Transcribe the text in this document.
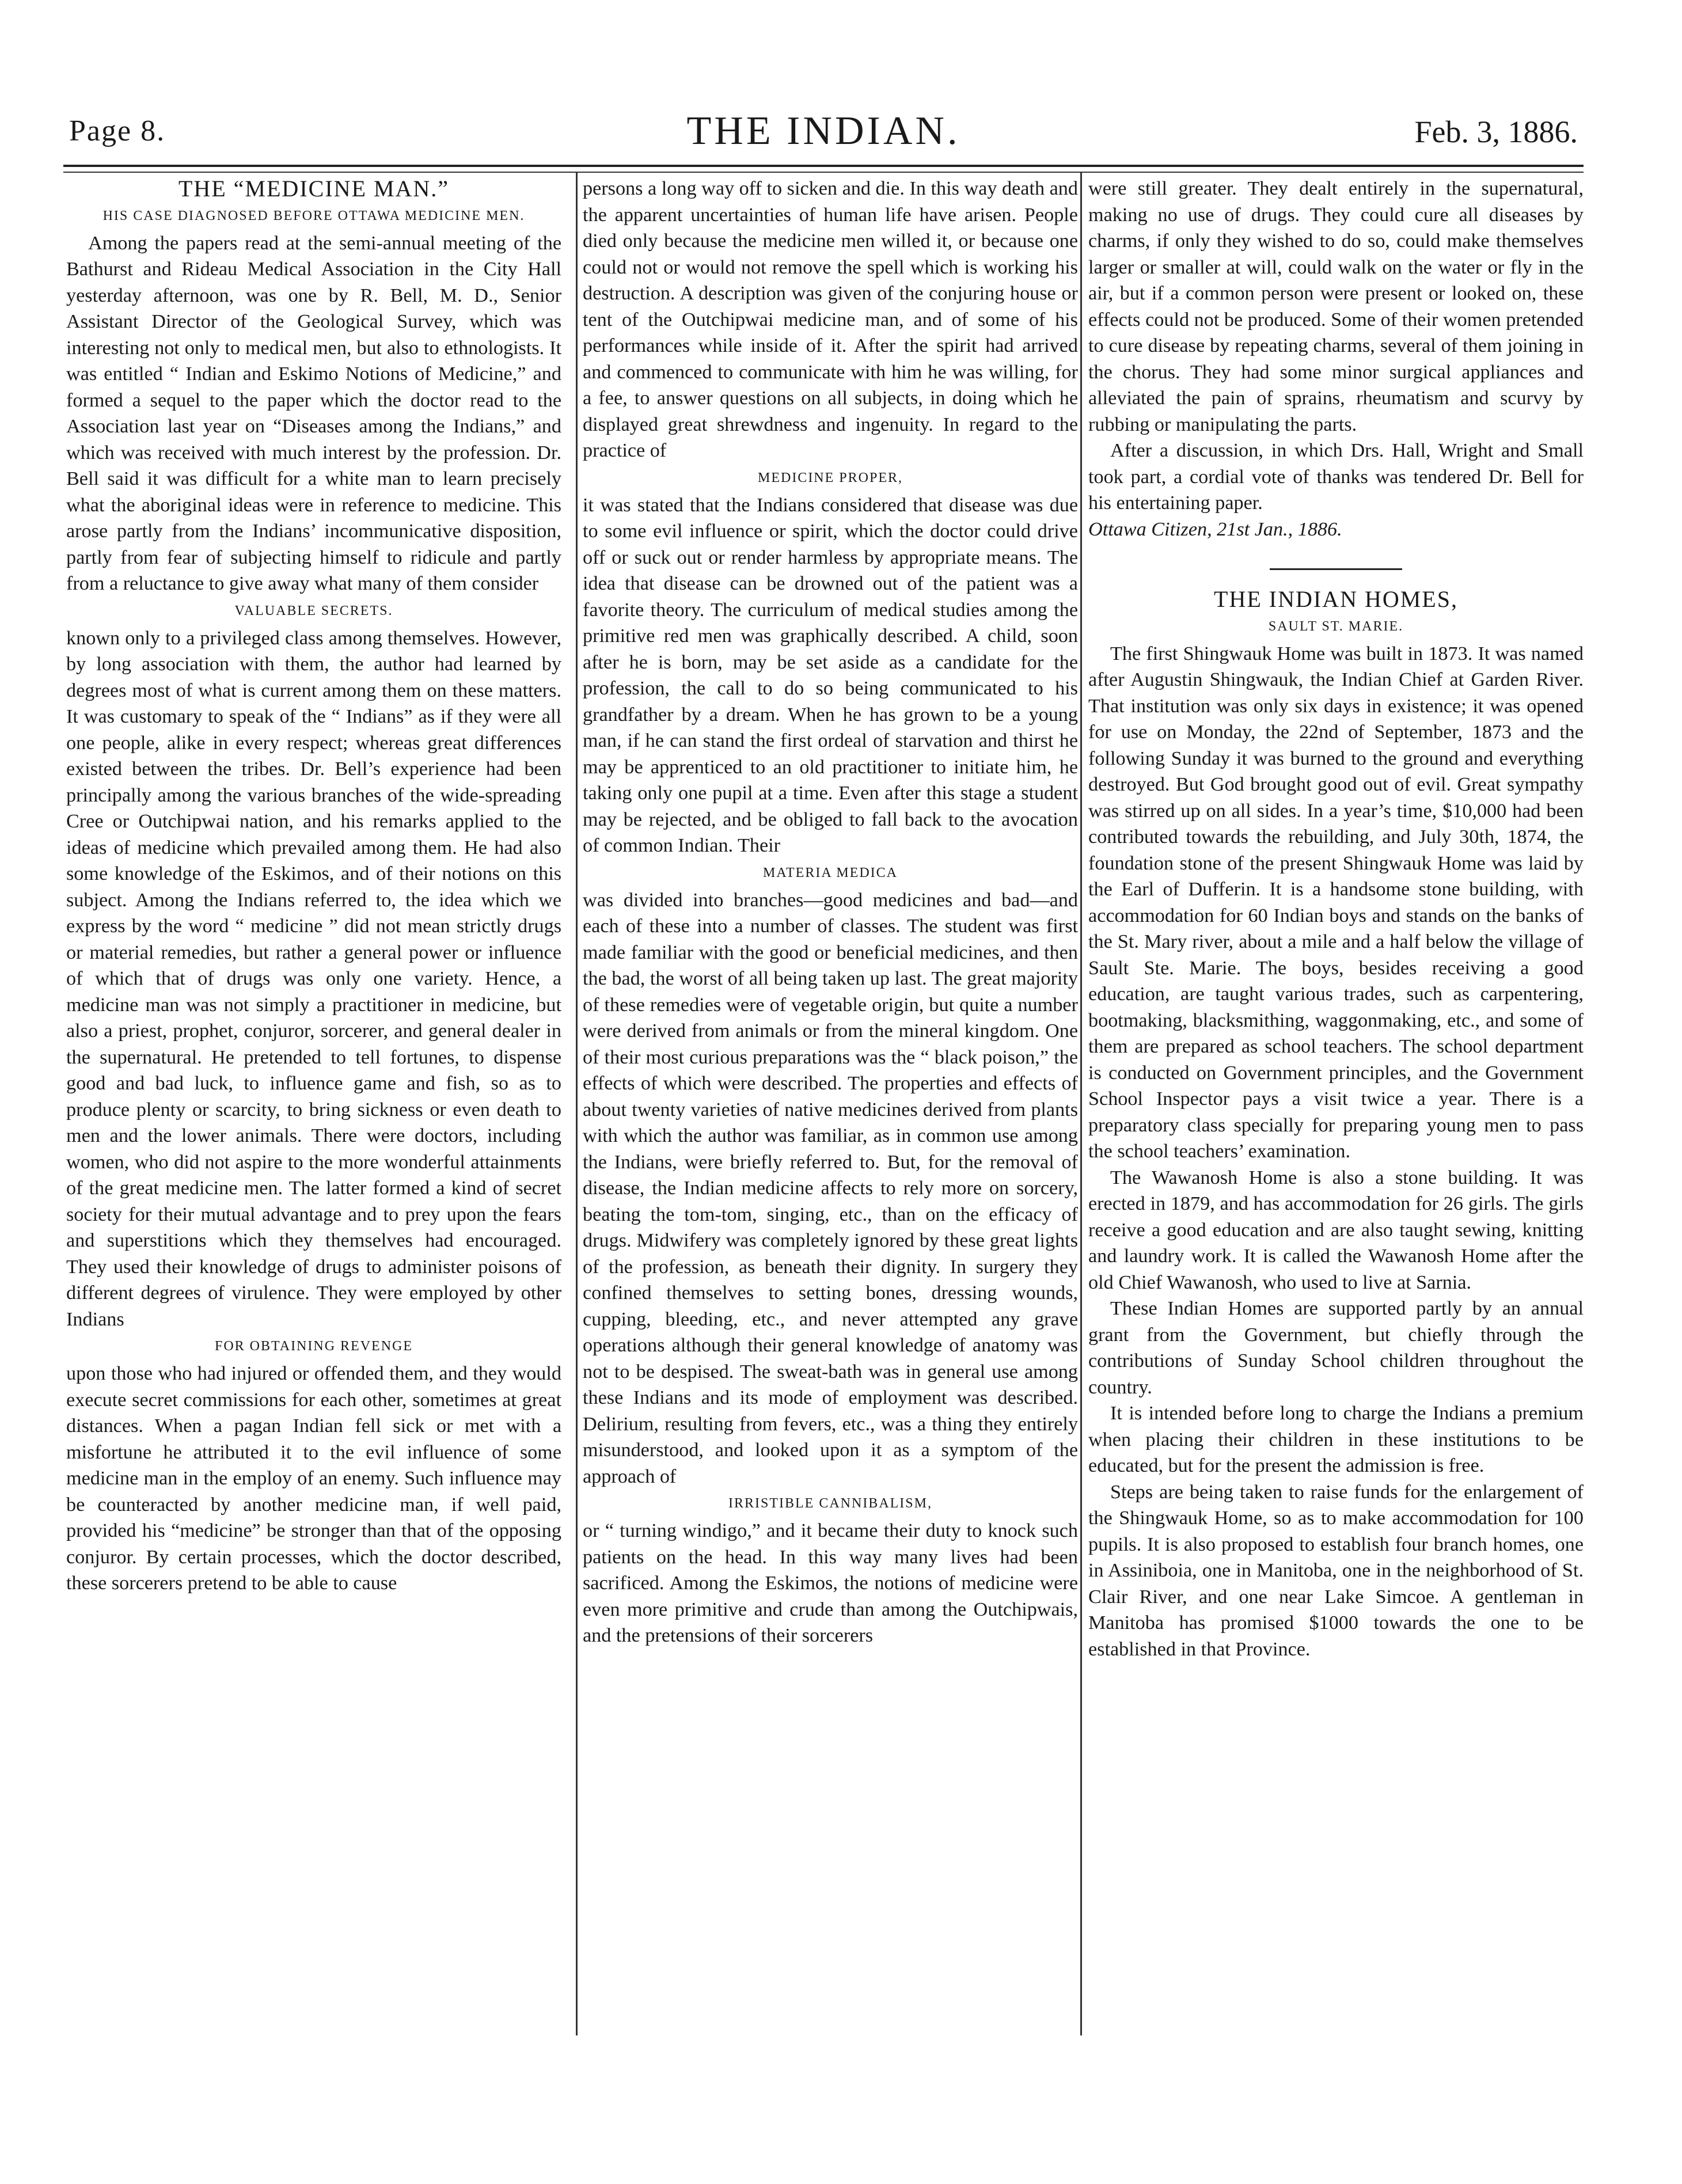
Page 8.	THE INDIAN.	Feb. 3, 1886.
THE “MEDICINE MAN.”
HIS CASE DIAGNOSED BEFORE OTTAWA MEDICINE MEN.

Among the papers read at the semi-annual meeting of the Bathurst and Rideau Medical Association in the City Hall yesterday afternoon, was one by R. Bell, M. D., Senior Assistant Director of the Geological Survey, which was interesting not only to medical men, but also to ethnologists. It was entitled “ Indian and Eskimo Notions of Medicine,” and formed a sequel to the paper which the doctor read to the Association last year on “Diseases among the Indians,” and which was received with much interest by the profession. Dr. Bell said it was difficult for a white man to learn precisely what the aboriginal ideas were in reference to medicine. This arose partly from the Indians’ incommunicative disposition, partly from fear of subjecting himself to ridicule and partly from a reluctance to give away what many of them consider

VALUABLE SECRETS.

known only to a privileged class among themselves. However, by long association with them, the author had learned by degrees most of what is current among them on these matters. It was customary to speak of the “ Indians” as if they were all one people, alike in every respect; whereas great differences existed between the tribes. Dr. Bell’s experience had been principally among the various branches of the wide-spreading Cree or Outchipwai nation, and his remarks applied to the ideas of medicine which prevailed among them. He had also some knowledge of the Eskimos, and of their notions on this subject. Among the Indians referred to, the idea which we express by the word “ medicine ” did not mean strictly drugs or material remedies, but rather a general power or influence of which that of drugs was only one variety. Hence, a medicine man was not simply a practitioner in medicine, but also a priest, prophet, conjuror, sorcerer, and general dealer in the supernatural. He pretended to tell fortunes, to dispense good and bad luck, to influence game and fish, so as to produce plenty or scarcity, to bring sickness or even death to men and the lower animals. There were doctors, including women, who did not aspire to the more wonderful attainments of the great medicine men. The latter formed a kind of secret society for their mutual advantage and to prey upon the fears and superstitions which they themselves had encouraged. They used their knowledge of drugs to administer poisons of different degrees of virulence. They were employed by other Indians

FOR OBTAINING REVENGE

upon those who had injured or offended them, and they would execute secret commissions for each other, sometimes at great distances. When a pagan Indian fell sick or met with a misfortune he attributed it to the evil influence of some medicine man in the employ of an enemy. Such influence may be counteracted by another medicine man, if well paid, provided his “medicine” be stronger than that of the opposing conjuror. By certain processes, which the doctor described, these sorcerers pretend to be able to cause

persons a long way off to sicken and die. In this way death and the apparent uncertainties of human life have arisen. People died only because the medicine men willed it, or because one could not or would not remove the spell which is working his destruction. A description was given of the conjuring house or tent of the Outchipwai medicine man, and of some of his performances while inside of it. After the spirit had arrived and commenced to communicate with him he was willing, for a fee, to answer questions on all subjects, in doing which he displayed great shrewdness and ingenuity. In regard to the practice of

MEDICINE PROPER,

it was stated that the Indians considered that disease was due to some evil influence or spirit, which the doctor could drive off or suck out or render harmless by appropriate means. The idea that disease can be drowned out of the patient was a favorite theory. The curriculum of medical studies among the primitive red men was graphically described. A child, soon after he is born, may be set aside as a candidate for the profession, the call to do so being communicated to his grandfather by a dream. When he has grown to be a young man, if he can stand the first ordeal of starvation and thirst he may be apprenticed to an old practitioner to initiate him, he taking only one pupil at a time. Even after this stage a student may be rejected, and be obliged to fall back to the avocation of common Indian. Their

MATERIA MEDICA

was divided into branches—good medicines and bad—and each of these into a number of classes. The student was first made familiar with the good or beneficial medicines, and then the bad, the worst of all being taken up last. The great majority of these remedies were of vegetable origin, but quite a number were derived from animals or from the mineral kingdom. One of their most curious preparations was the “ black poison,” the effects of which were described. The properties and effects of about twenty varieties of native medicines derived from plants with which the author was familiar, as in common use among the Indians, were briefly referred to. But, for the removal of disease, the Indian medicine affects to rely more on sorcery, beating the tom-tom, singing, etc., than on the efficacy of drugs. Midwifery was completely ignored by these great lights of the profession, as beneath their dignity. In surgery they confined themselves to setting bones, dressing wounds, cupping, bleeding, etc., and never attempted any grave operations although their general knowledge of anatomy was not to be despised. The sweat-bath was in general use among these Indians and its mode of employment was described. Delirium, resulting from fevers, etc., was a thing they entirely misunderstood, and looked upon it as a symptom of the approach of

IRRISTIBLE CANNIBALISM,

or “ turning windigo,” and it became their duty to knock such patients on the head. In this way many lives had been sacrificed. Among the Eskimos, the notions of medicine were even more primitive and crude than among the Outchipwais, and the pretensions of their sorcerers

were still greater. They dealt entirely in the supernatural, making no use of drugs. They could cure all diseases by charms, if only they wished to do so, could make themselves larger or smaller at will, could walk on the water or fly in the air, but if a common person were present or looked on, these effects could not be produced. Some of their women pretended to cure disease by repeating charms, several of them joining in the chorus. They had some minor surgical appliances and alleviated the pain of sprains, rheumatism and scurvy by rubbing or manipulating the parts.

After a discussion, in which Drs. Hall, Wright and Small took part, a cordial vote of thanks was tendered Dr. Bell for his entertaining paper.

Ottawa Citizen, 21st Jan., 1886.

THE INDIAN HOMES,
SAULT ST. MARIE.

The first Shingwauk Home was built in 1873. It was named after Augustin Shingwauk, the Indian Chief at Garden River. That institution was only six days in existence; it was opened for use on Monday, the 22nd of September, 1873 and the following Sunday it was burned to the ground and everything destroyed. But God brought good out of evil. Great sympathy was stirred up on all sides. In a year’s time, $10,000 had been contributed towards the rebuilding, and July 30th, 1874, the foundation stone of the present Shingwauk Home was laid by the Earl of Dufferin. It is a handsome stone building, with accommodation for 60 Indian boys and stands on the banks of the St. Mary river, about a mile and a half below the village of Sault Ste. Marie. The boys, besides receiving a good education, are taught various trades, such as carpentering, bootmaking, blacksmithing, waggonmaking, etc., and some of them are prepared as school teachers. The school department is conducted on Government principles, and the Government School Inspector pays a visit twice a year. There is a preparatory class specially for preparing young men to pass the school teachers’ examination.

The Wawanosh Home is also a stone building. It was erected in 1879, and has accommodation for 26 girls. The girls receive a good education and are also taught sewing, knitting and laundry work. It is called the Wawanosh Home after the old Chief Wawanosh, who used to live at Sarnia.

These Indian Homes are supported partly by an annual grant from the Government, but chiefly through the contributions of Sunday School children throughout the country.

It is intended before long to charge the Indians a premium when placing their children in these institutions to be educated, but for the present the admission is free.

Steps are being taken to raise funds for the enlargement of the Shingwauk Home, so as to make accommodation for 100 pupils. It is also proposed to establish four branch homes, one in Assiniboia, one in Manitoba, one in the neighborhood of St. Clair River, and one near Lake Simcoe. A gentleman in Manitoba has promised $1000 towards the one to be established in that Province.
